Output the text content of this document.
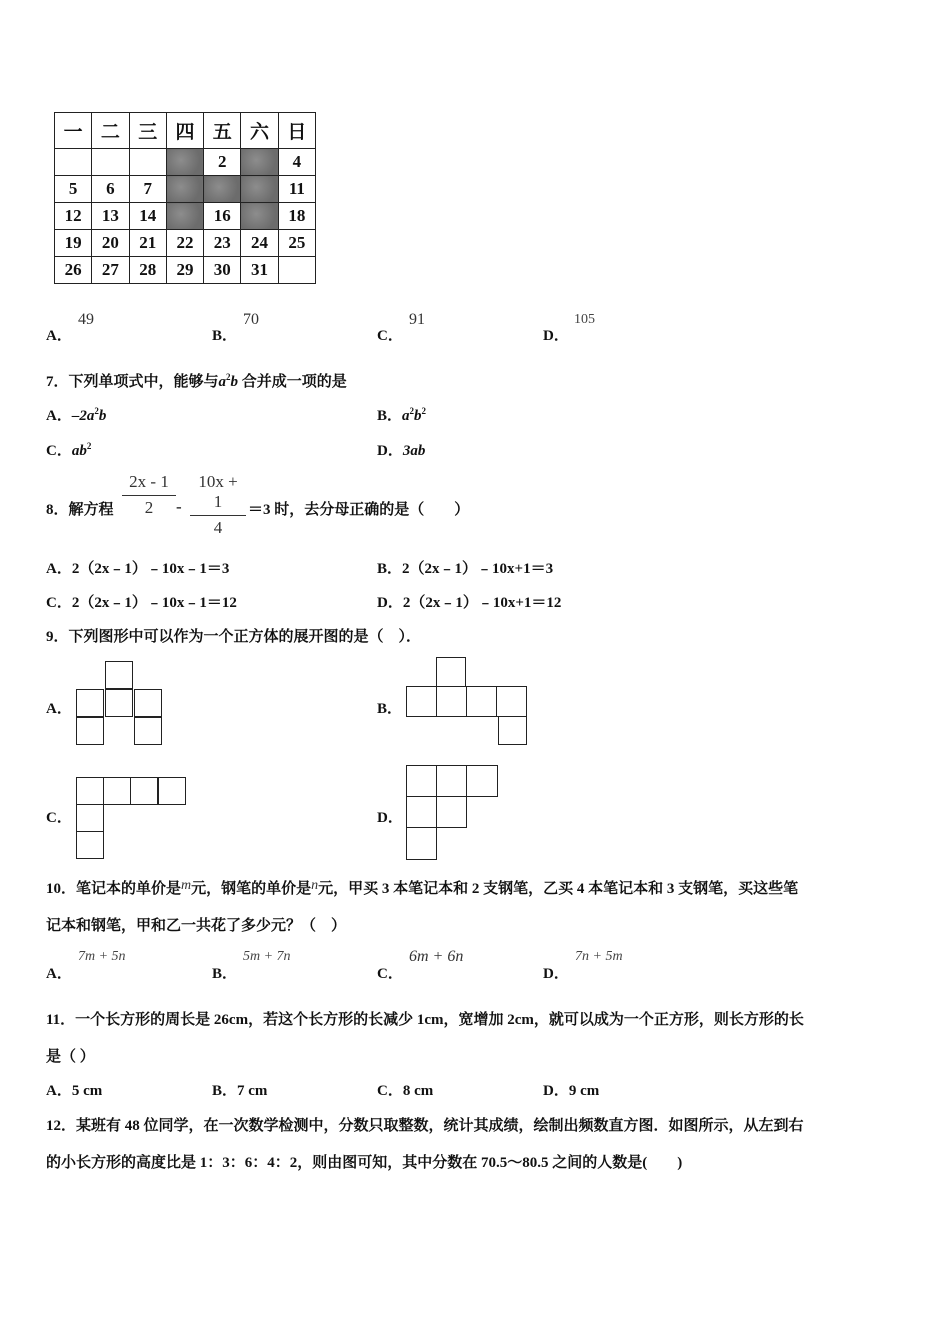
一	二	三	四	五	六	日
				2		4
5	6	7				11
12	13	14		16		18
19	20	21	22	23	24	25
26	27	28	29	30	31	
A．
49
B．
70
C．
91
D．
105
7．下列单项式中，能够与$a^2b$ 合并成一项的是
A．$-2a^2b$	B．$a^2b^2$
C．$ab^2$	D．3ab
8．解方程
2x - 1
2	-
10x + 1
4
＝3 时，去分母正确的是（　　）
A．2（2x﹣1）﹣10x﹣1＝3	B．2（2x﹣1）﹣10x+1＝3
C．2（2x﹣1）﹣10x﹣1＝12	D．2（2x﹣1）﹣10x+1＝12
9．下列图形中可以作为一个正方体的展开图的是（　）．
A．	B．
C．	D．
10．笔记本的单价是m元，钢笔的单价是n元，甲买 3 本笔记本和 2 支钢笔，乙买 4 本笔记本和 3 支钢笔，买这些笔
记本和钢笔，甲和乙一共花了多少元？（　）
A．
7m + 5n
B．
5m + 7n
C．
6m + 6n
D．
7n + 5m
11．一个长方形的周长是 26cm，若这个长方形的长减少 1cm，宽增加 2cm，就可以成为一个正方形，则长方形的长
是（ ）
A．5 cm	B．7 cm	C．8 cm	D．9 cm
12．某班有 48 位同学，在一次数学检测中，分数只取整数，统计其成绩，绘制出频数直方图．如图所示，从左到右
的小长方形的高度比是 1：3：6：4：2，则由图可知，其中分数在 70.5～80.5 之间的人数是(　　)
